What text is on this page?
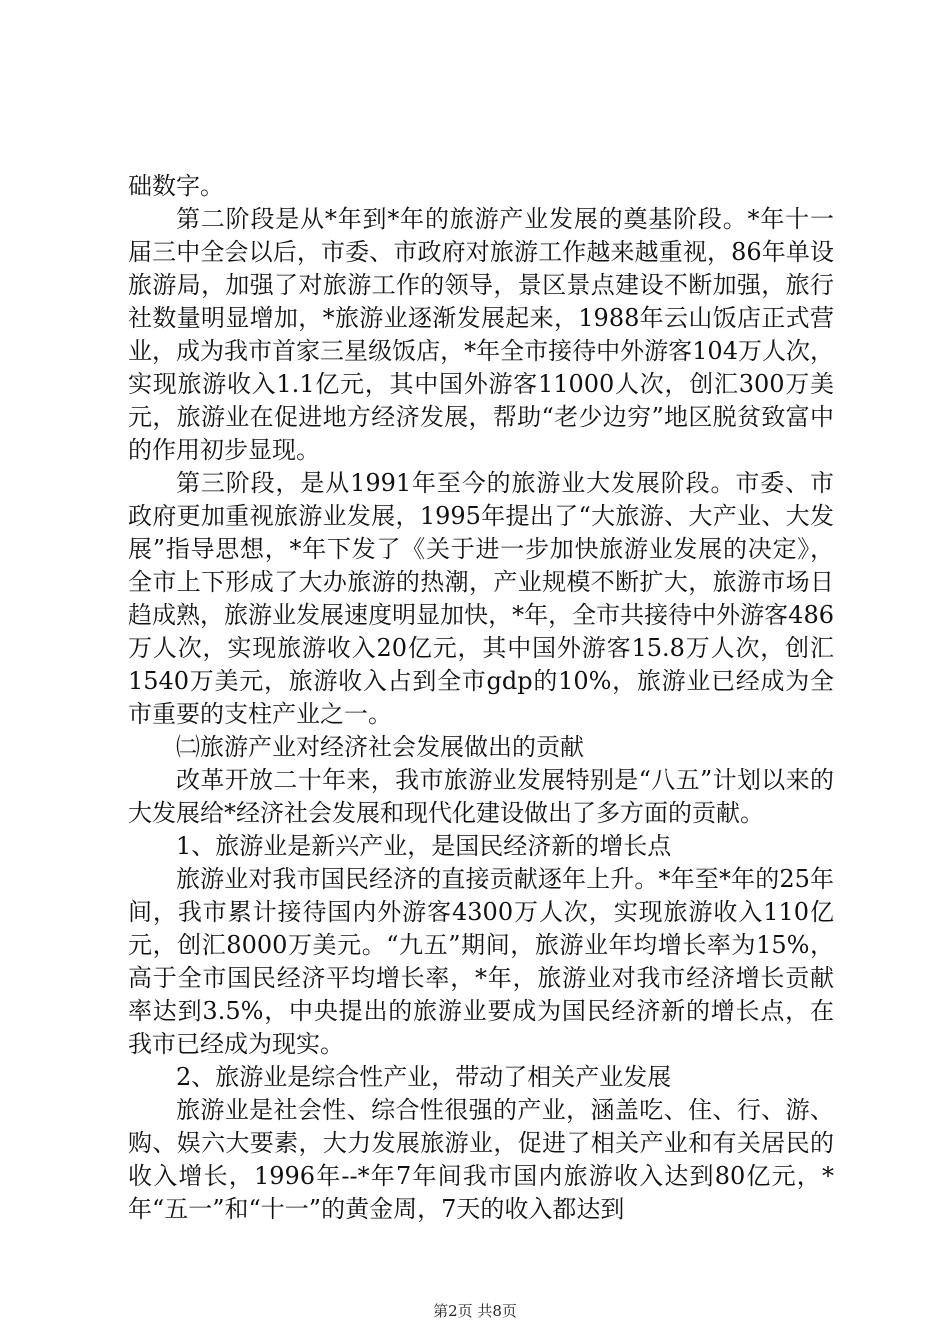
础数字。

第二阶段是从*年到*年的旅游产业发展的奠基阶段。*年十一届三中全会以后，市委、市政府对旅游工作越来越重视，86年单设旅游局，加强了对旅游工作的领导，景区景点建设不断加强，旅行社数量明显增加，*旅游业逐渐发展起来，1988年云山饭店正式营业，成为我市首家三星级饭店，*年全市接待中外游客104万人次，实现旅游收入1.1亿元，其中国外游客11000人次，创汇300万美元，旅游业在促进地方经济发展，帮助“老少边穷”地区脱贫致富中的作用初步显现。

第三阶段，是从1991年至今的旅游业大发展阶段。市委、市政府更加重视旅游业发展，1995年提出了“大旅游、大产业、大发展”指导思想，*年下发了《关于进一步加快旅游业发展的决定》，全市上下形成了大办旅游的热潮，产业规模不断扩大，旅游市场日趋成熟，旅游业发展速度明显加快，*年，全市共接待中外游客486万人次，实现旅游收入20亿元，其中国外游客15.8万人次，创汇1540万美元，旅游收入占到全市gdp的10%，旅游业已经成为全市重要的支柱产业之一。

㈡旅游产业对经济社会发展做出的贡献

改革开放二十年来，我市旅游业发展特别是“八五”计划以来的大发展给*经济社会发展和现代化建设做出了多方面的贡献。

1、旅游业是新兴产业，是国民经济新的增长点

旅游业对我市国民经济的直接贡献逐年上升。*年至*年的25年间，我市累计接待国内外游客4300万人次，实现旅游收入110亿元，创汇8000万美元。“九五”期间，旅游业年均增长率为15%，高于全市国民经济平均增长率，*年，旅游业对我市经济增长贡献率达到3.5%，中央提出的旅游业要成为国民经济新的增长点，在我市已经成为现实。

2、旅游业是综合性产业，带动了相关产业发展

旅游业是社会性、综合性很强的产业，涵盖吃、住、行、游、购、娱六大要素，大力发展旅游业，促进了相关产业和有关居民的收入增长，1996年--*年7年间我市国内旅游收入达到80亿元，*年“五一”和“十一”的黄金周，7天的收入都达到

第2页 共8页
